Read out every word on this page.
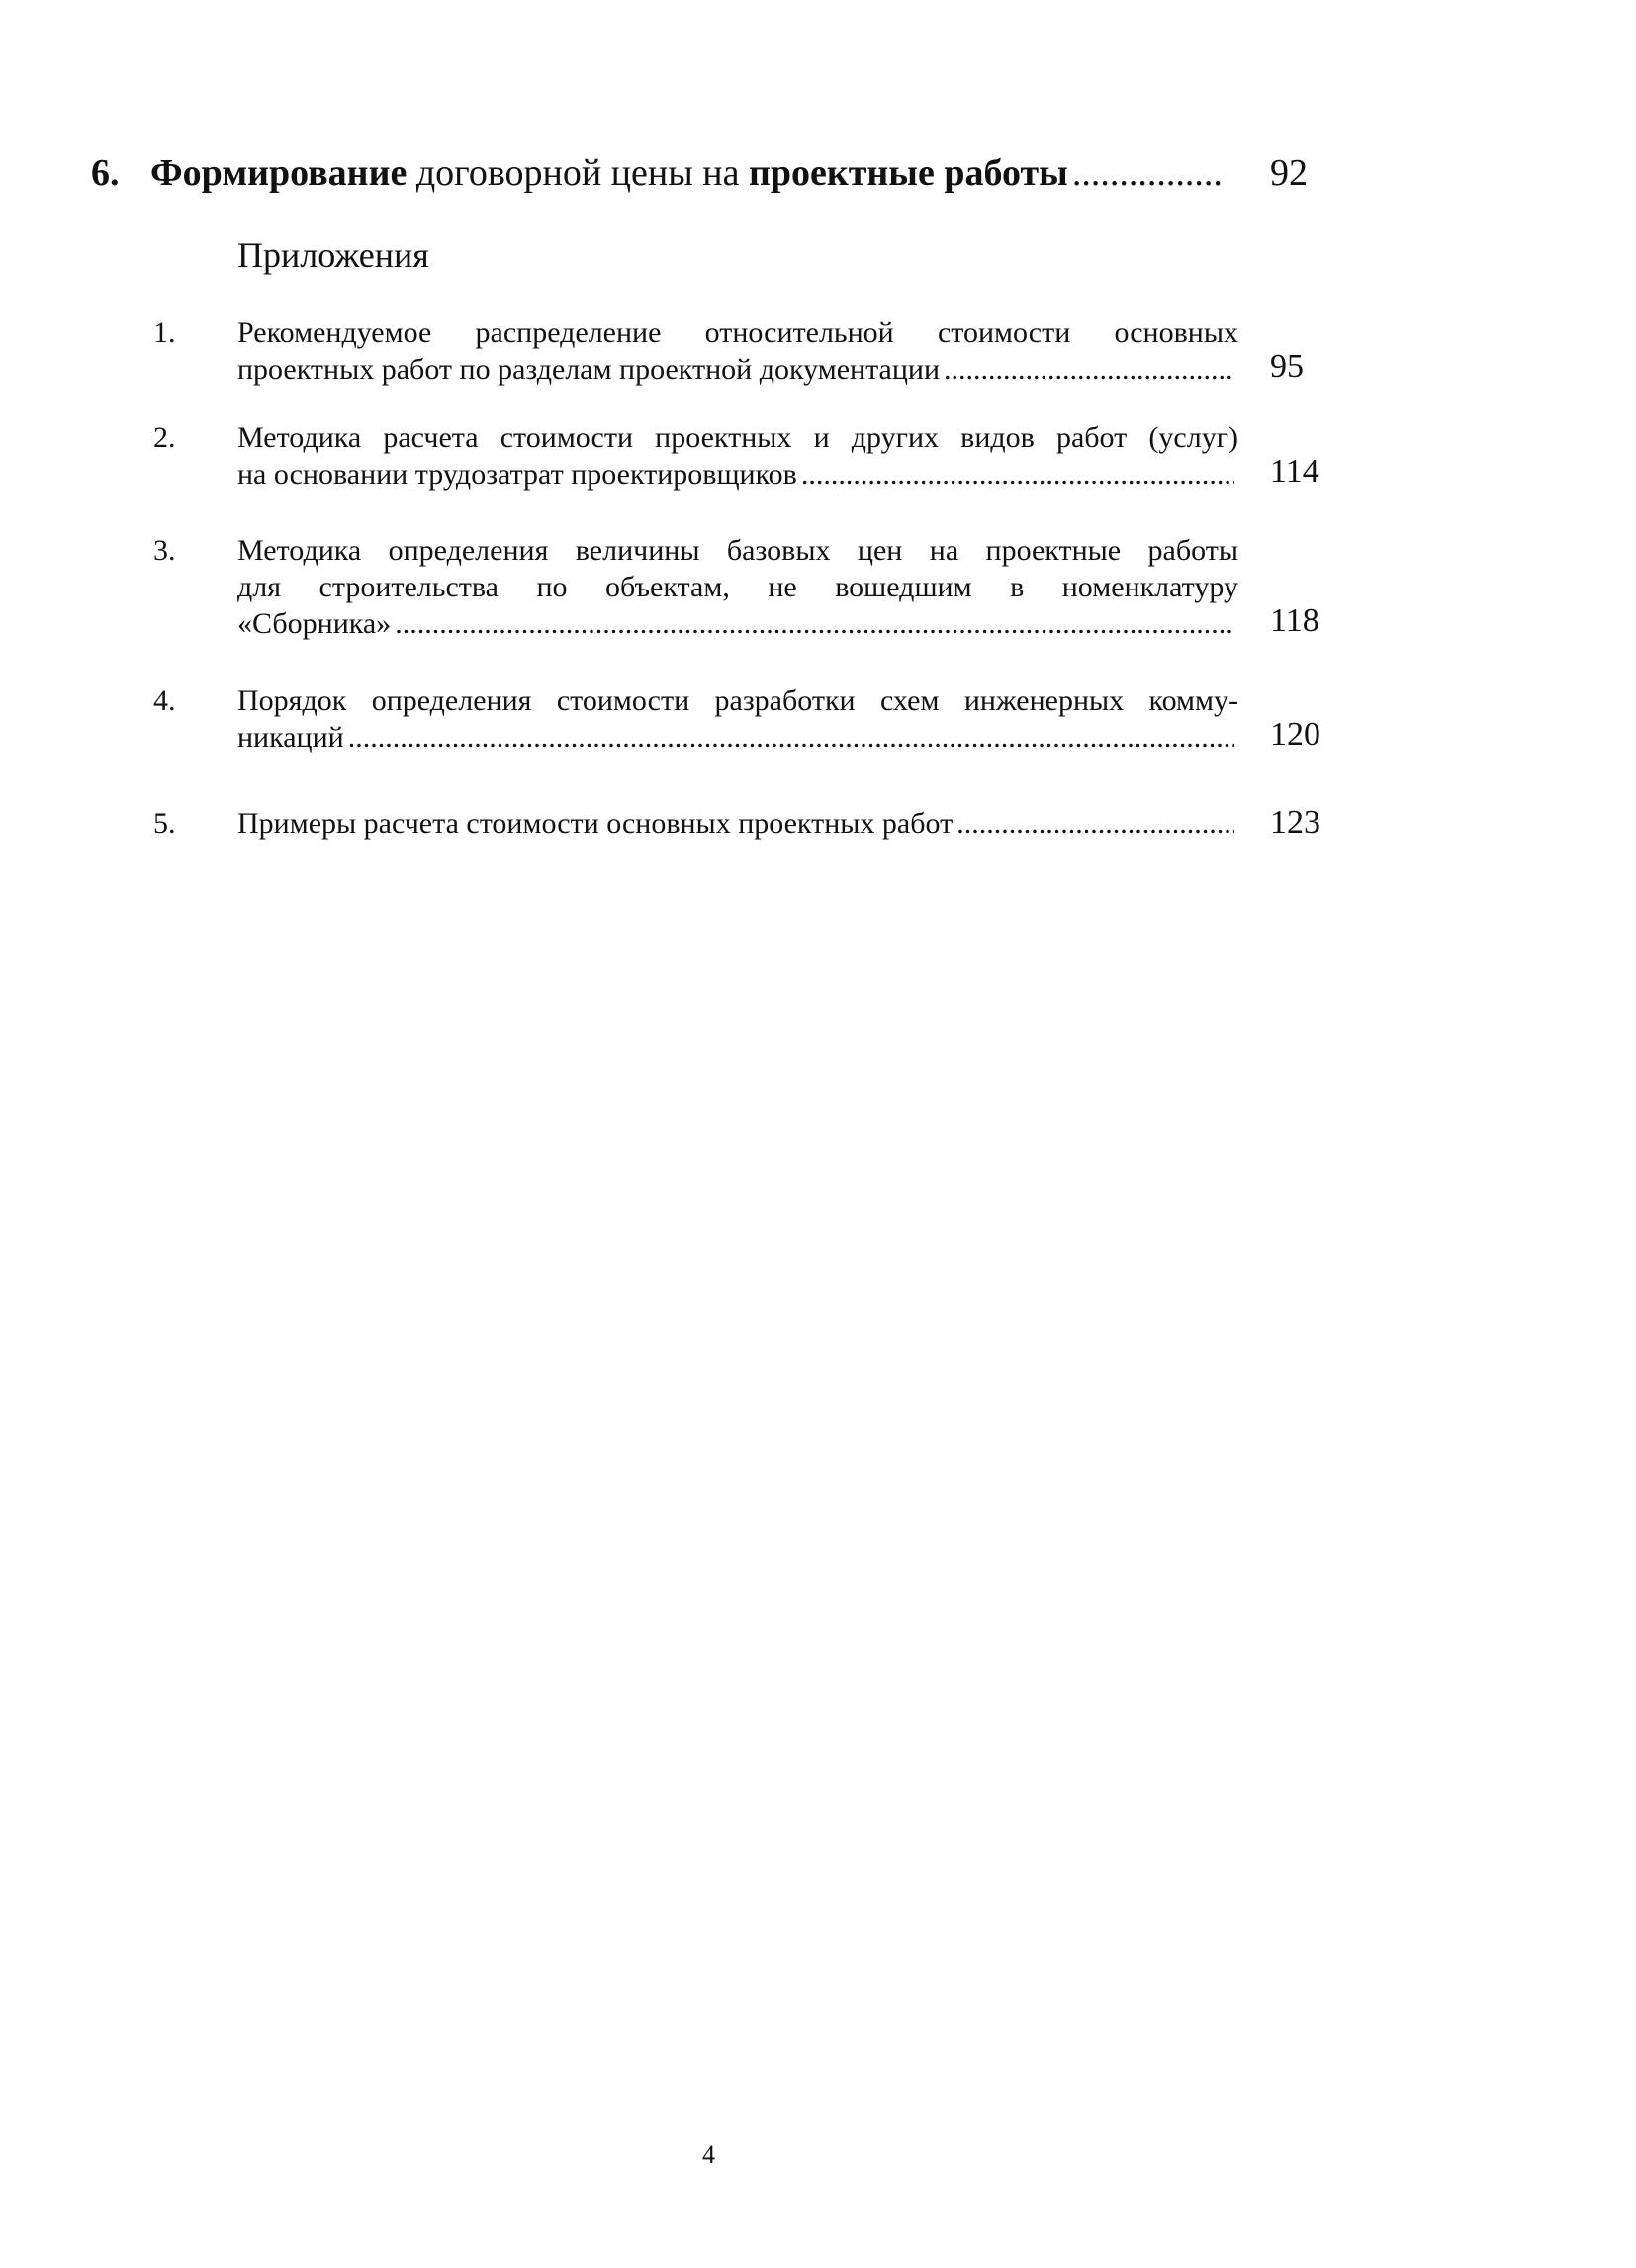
6. Формирование договорной цены на проектные работы .....	92
Приложения
1. Рекомендуемое распределение относительной стоимости основных
проектных работ по разделам проектной документации .....	95
2. Методика расчета стоимости проектных и других видов работ (услуг)
на основании трудозатрат проектировщиков .....	114
3. Методика определения величины базовых цен на проектные работы
для строительства по объектам, не вошедшим в номенклатуру
«Сборника» .....	118
4. Порядок определения стоимости разработки схем инженерных комму-
никаций .....	120
5. Примеры расчета стоимости основных проектных работ .....	123
4
